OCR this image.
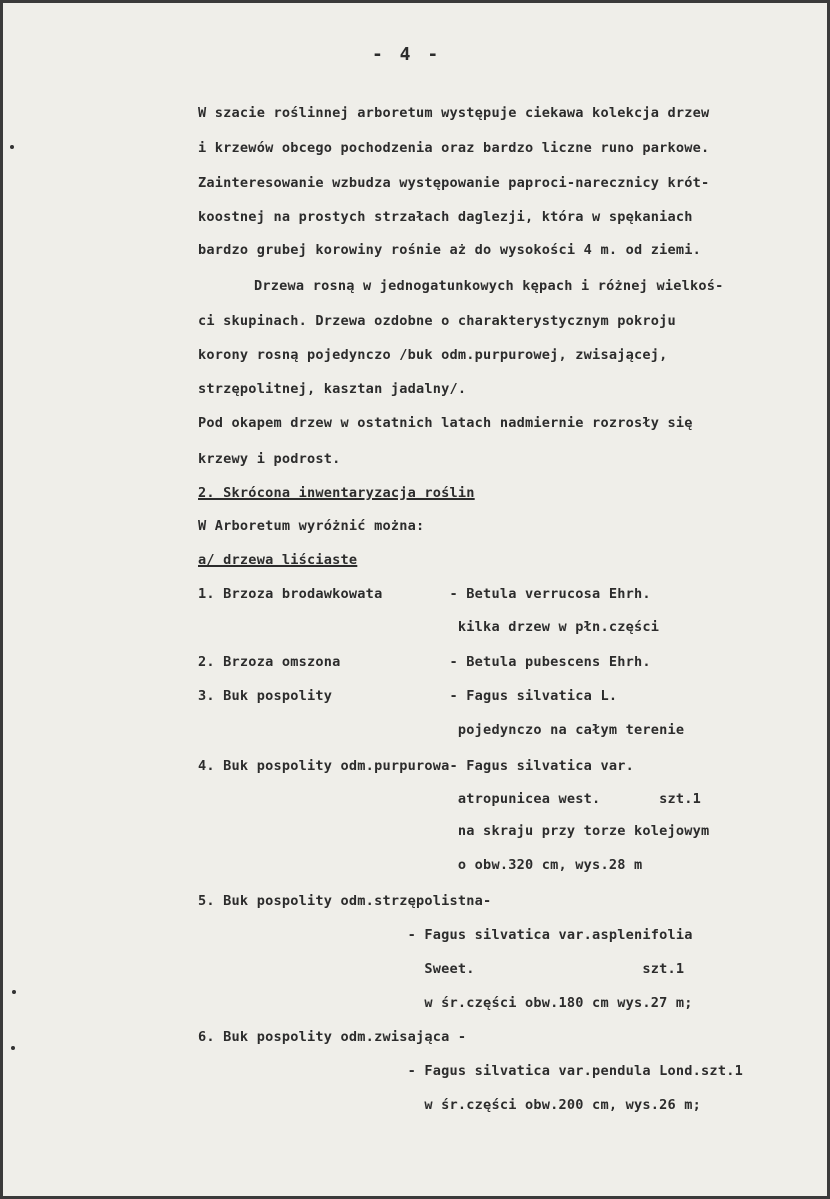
- 4 -
W szacie roślinnej arboretum występuje ciekawa kolekcja drzew
i krzewów obcego pochodzenia oraz bardzo liczne runo parkowe.
Zainteresowanie wzbudza występowanie paproci-narecznicy krót-
koostnej na prostych strzałach daglezji, która w spękaniach
bardzo grubej korowiny rośnie aż do wysokości 4 m. od ziemi.
Drzewa rosną w jednogatunkowych kępach i różnej wielkoś-
ci skupinach. Drzewa ozdobne o charakterystycznym pokroju
korony rosną pojedynczo /buk odm.purpurowej, zwisającej,
strzępolitnej, kasztan jadalny/.
Pod okapem drzew w ostatnich latach nadmiernie rozrosły się
krzewy i podrost.
2. Skrócona inwentaryzacja roślin
W Arboretum wyróżnić można:
a/ drzewa liściaste
1. Brzoza brodawkowata        - Betula verrucosa Ehrh.
kilka drzew w płn.części
2. Brzoza omszona             - Betula pubescens Ehrh.
3. Buk pospolity              - Fagus silvatica L.
pojedynczo na całym terenie
4. Buk pospolity odm.purpurowa- Fagus silvatica var.
atropunicea west.       szt.1
na skraju przy torze kolejowym
o obw.320 cm, wys.28 m
5. Buk pospolity odm.strzępolistna-
- Fagus silvatica var.asplenifolia
Sweet.                    szt.1
w śr.części obw.180 cm wys.27 m;
6. Buk pospolity odm.zwisająca -
- Fagus silvatica var.pendula Lond.szt.1
w śr.części obw.200 cm, wys.26 m;
